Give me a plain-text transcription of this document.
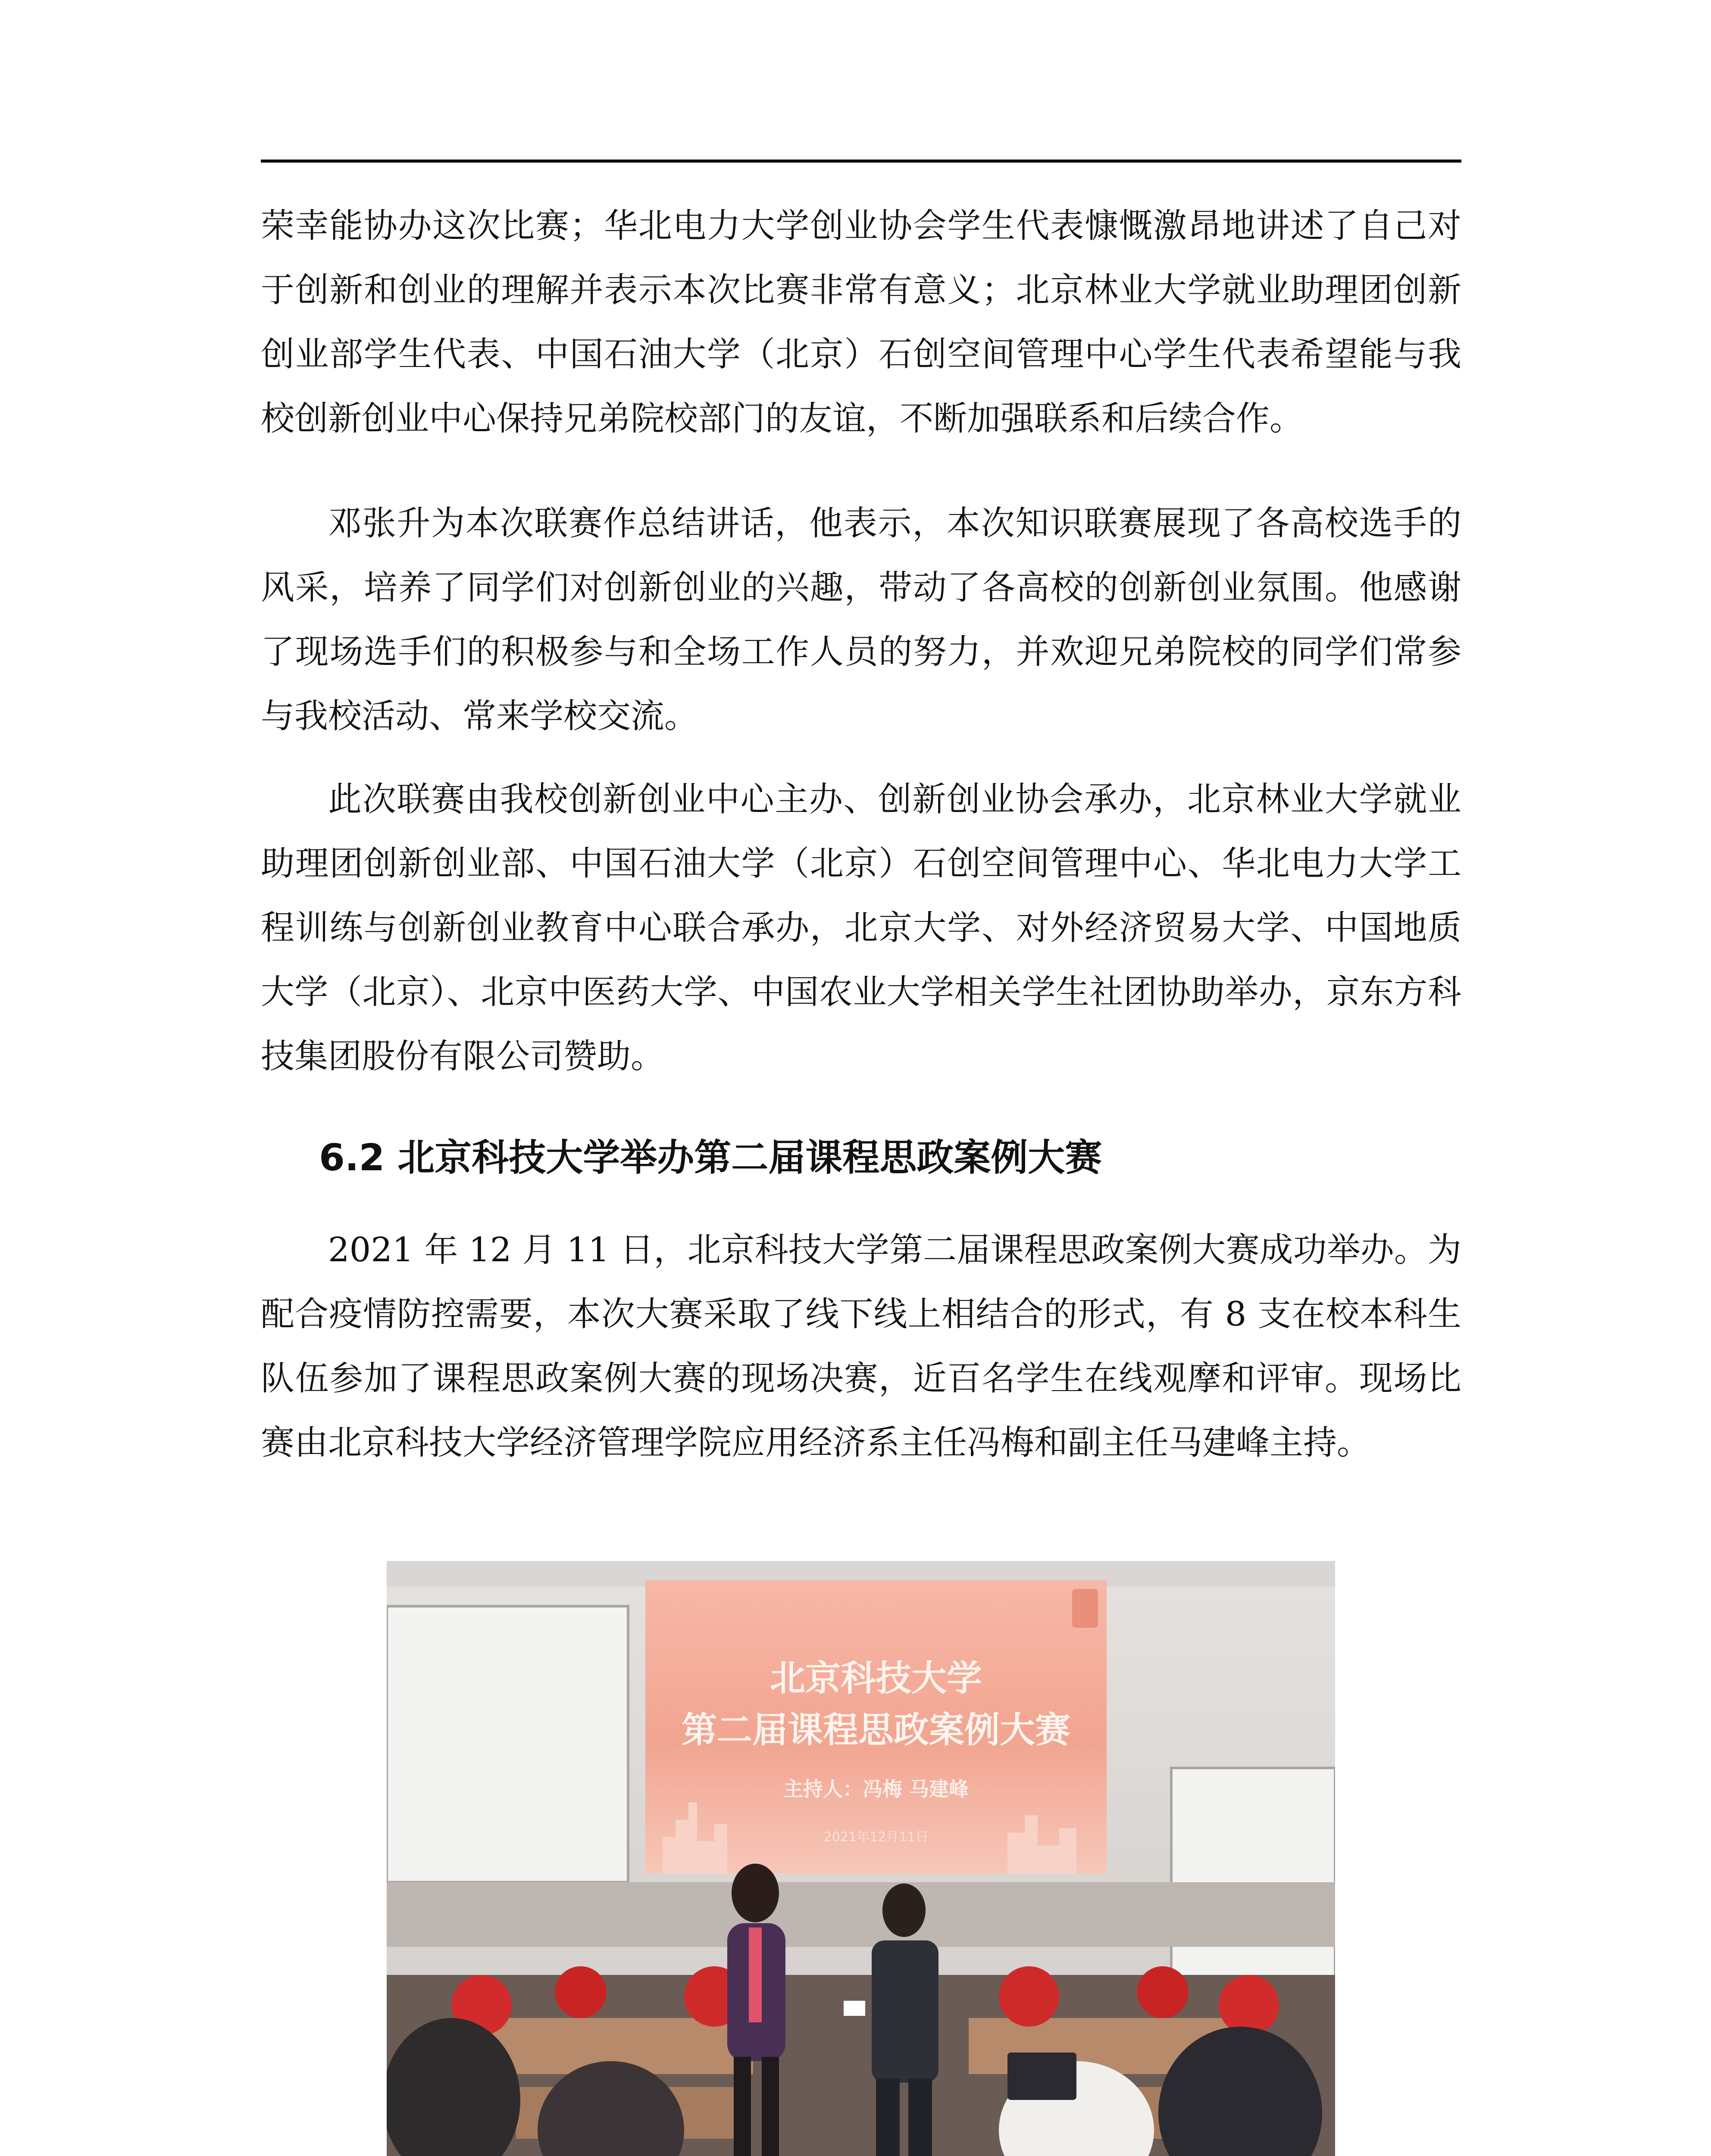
荣幸能协办这次比赛；华北电力大学创业协会学生代表慷慨激昂地讲述了自己对于创新和创业的理解并表示本次比赛非常有意义；北京林业大学就业助理团创新创业部学生代表、中国石油大学（北京）石创空间管理中心学生代表希望能与我校创新创业中心保持兄弟院校部门的友谊，不断加强联系和后续合作。

邓张升为本次联赛作总结讲话，他表示，本次知识联赛展现了各高校选手的风采，培养了同学们对创新创业的兴趣，带动了各高校的创新创业氛围。他感谢了现场选手们的积极参与和全场工作人员的努力，并欢迎兄弟院校的同学们常参与我校活动、常来学校交流。

此次联赛由我校创新创业中心主办、创新创业协会承办，北京林业大学就业助理团创新创业部、中国石油大学（北京）石创空间管理中心、华北电力大学工程训练与创新创业教育中心联合承办，北京大学、对外经济贸易大学、中国地质大学（北京）、北京中医药大学、中国农业大学相关学生社团协助举办，京东方科技集团股份有限公司赞助。

6.2 北京科技大学举办第二届课程思政案例大赛

2021 年 12 月 11 日，北京科技大学第二届课程思政案例大赛成功举办。为配合疫情防控需要，本次大赛采取了线下线上相结合的形式，有 8 支在校本科生队伍参加了课程思政案例大赛的现场决赛，近百名学生在线观摩和评审。现场比赛由北京科技大学经济管理学院应用经济系主任冯梅和副主任马建峰主持。

北京科技大学
第二届课程思政案例大赛
主持人：冯梅 马建峰
2021年12月11日
